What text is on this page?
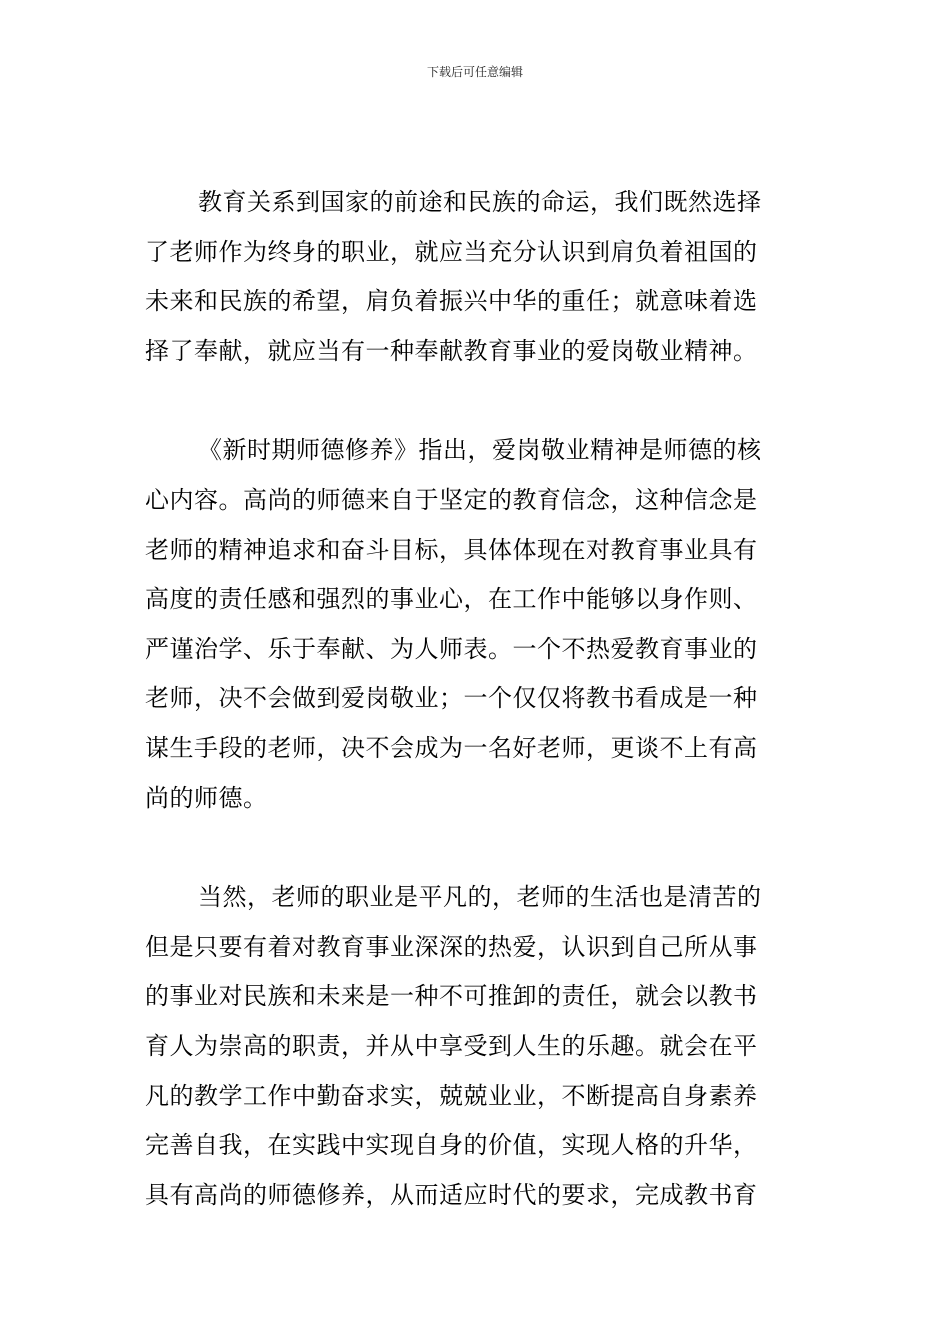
下载后可任意编辑

教育关系到国家的前途和民族的命运，我们既然选择
了老师作为终身的职业，就应当充分认识到肩负着祖国的
未来和民族的希望，肩负着振兴中华的重任；就意味着选
择了奉献，就应当有一种奉献教育事业的爱岗敬业精神。

《新时期师德修养》指出，爱岗敬业精神是师德的核
心内容。高尚的师德来自于坚定的教育信念，这种信念是
老师的精神追求和奋斗目标，具体体现在对教育事业具有
高度的责任感和强烈的事业心，在工作中能够以身作则、
严谨治学、乐于奉献、为人师表。一个不热爱教育事业的
老师，决不会做到爱岗敬业；一个仅仅将教书看成是一种
谋生手段的老师，决不会成为一名好老师，更谈不上有高
尚的师德。

当然，老师的职业是平凡的，老师的生活也是清苦的
但是只要有着对教育事业深深的热爱，认识到自己所从事
的事业对民族和未来是一种不可推卸的责任，就会以教书
育人为崇高的职责，并从中享受到人生的乐趣。就会在平
凡的教学工作中勤奋求实，兢兢业业，不断提高自身素养
完善自我，在实践中实现自身的价值，实现人格的升华，
具有高尚的师德修养，从而适应时代的要求，完成教书育
